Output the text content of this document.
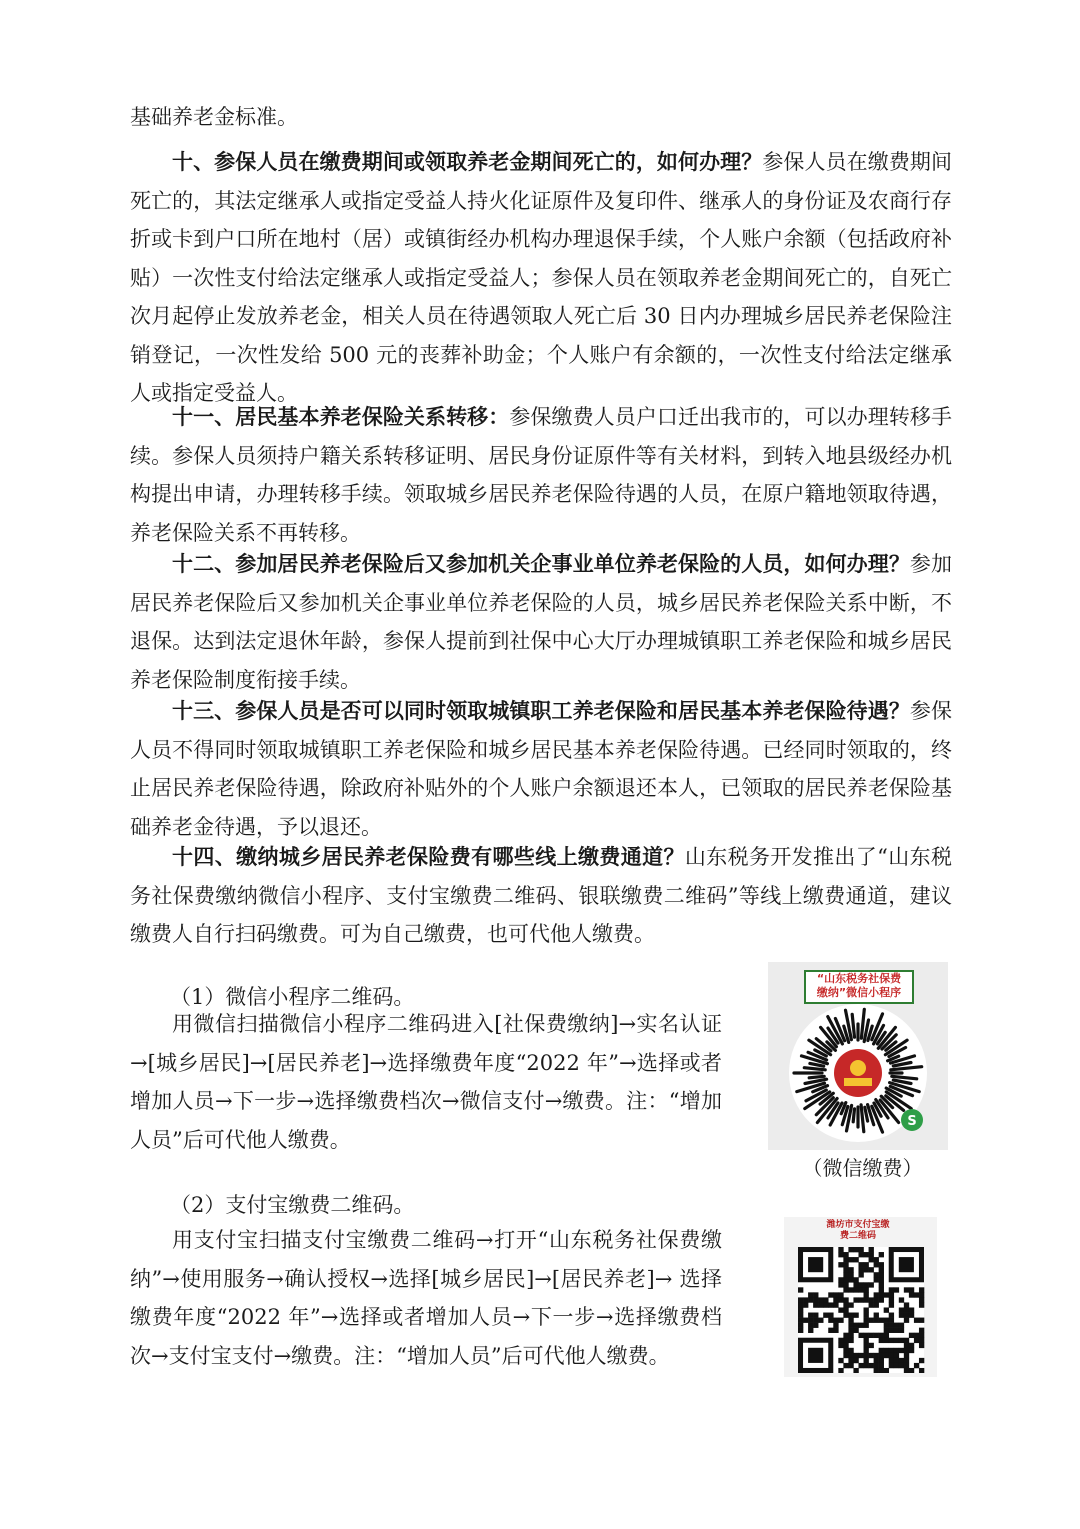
基础养老金标准。

十、参保人员在缴费期间或领取养老金期间死亡的，如何办理？参保人员在缴费期间死亡的，其法定继承人或指定受益人持火化证原件及复印件、继承人的身份证及农商行存折或卡到户口所在地村（居）或镇街经办机构办理退保手续，个人账户余额（包括政府补贴）一次性支付给法定继承人或指定受益人；参保人员在领取养老金期间死亡的，自死亡次月起停止发放养老金，相关人员在待遇领取人死亡后 30 日内办理城乡居民养老保险注销登记，一次性发给 500 元的丧葬补助金；个人账户有余额的，一次性支付给法定继承人或指定受益人。

十一、居民基本养老保险关系转移：参保缴费人员户口迁出我市的，可以办理转移手续。参保人员须持户籍关系转移证明、居民身份证原件等有关材料，到转入地县级经办机构提出申请，办理转移手续。领取城乡居民养老保险待遇的人员，在原户籍地领取待遇，养老保险关系不再转移。

十二、参加居民养老保险后又参加机关企事业单位养老保险的人员，如何办理？参加居民养老保险后又参加机关企事业单位养老保险的人员，城乡居民养老保险关系中断，不退保。达到法定退休年龄，参保人提前到社保中心大厅办理城镇职工养老保险和城乡居民养老保险制度衔接手续。

十三、参保人员是否可以同时领取城镇职工养老保险和居民基本养老保险待遇？参保人员不得同时领取城镇职工养老保险和城乡居民基本养老保险待遇。已经同时领取的，终止居民养老保险待遇，除政府补贴外的个人账户余额退还本人，已领取的居民养老保险基础养老金待遇，予以退还。

十四、缴纳城乡居民养老保险费有哪些线上缴费通道？山东税务开发推出了“山东税务社保费缴纳微信小程序、支付宝缴费二维码、银联缴费二维码”等线上缴费通道，建议缴费人自行扫码缴费。可为自己缴费，也可代他人缴费。

（1）微信小程序二维码。

用微信扫描微信小程序二维码进入[社保费缴纳]→实名认证→[城乡居民]→[居民养老]→选择缴费年度“2022 年”→选择或者增加人员→下一步→选择缴费档次→微信支付→缴费。注：“增加人员”后可代他人缴费。

“山东税务社保费
缴纳”微信小程序
S
（微信缴费）

（2）支付宝缴费二维码。

用支付宝扫描支付宝缴费二维码→打开“山东税务社保费缴纳”→使用服务→确认授权→选择[城乡居民]→[居民养老]→ 选择缴费年度“2022 年”→选择或者增加人员→下一步→选择缴费档次→支付宝支付→缴费。注：“增加人员”后可代他人缴费。

潍坊市支付宝缴
费二维码
